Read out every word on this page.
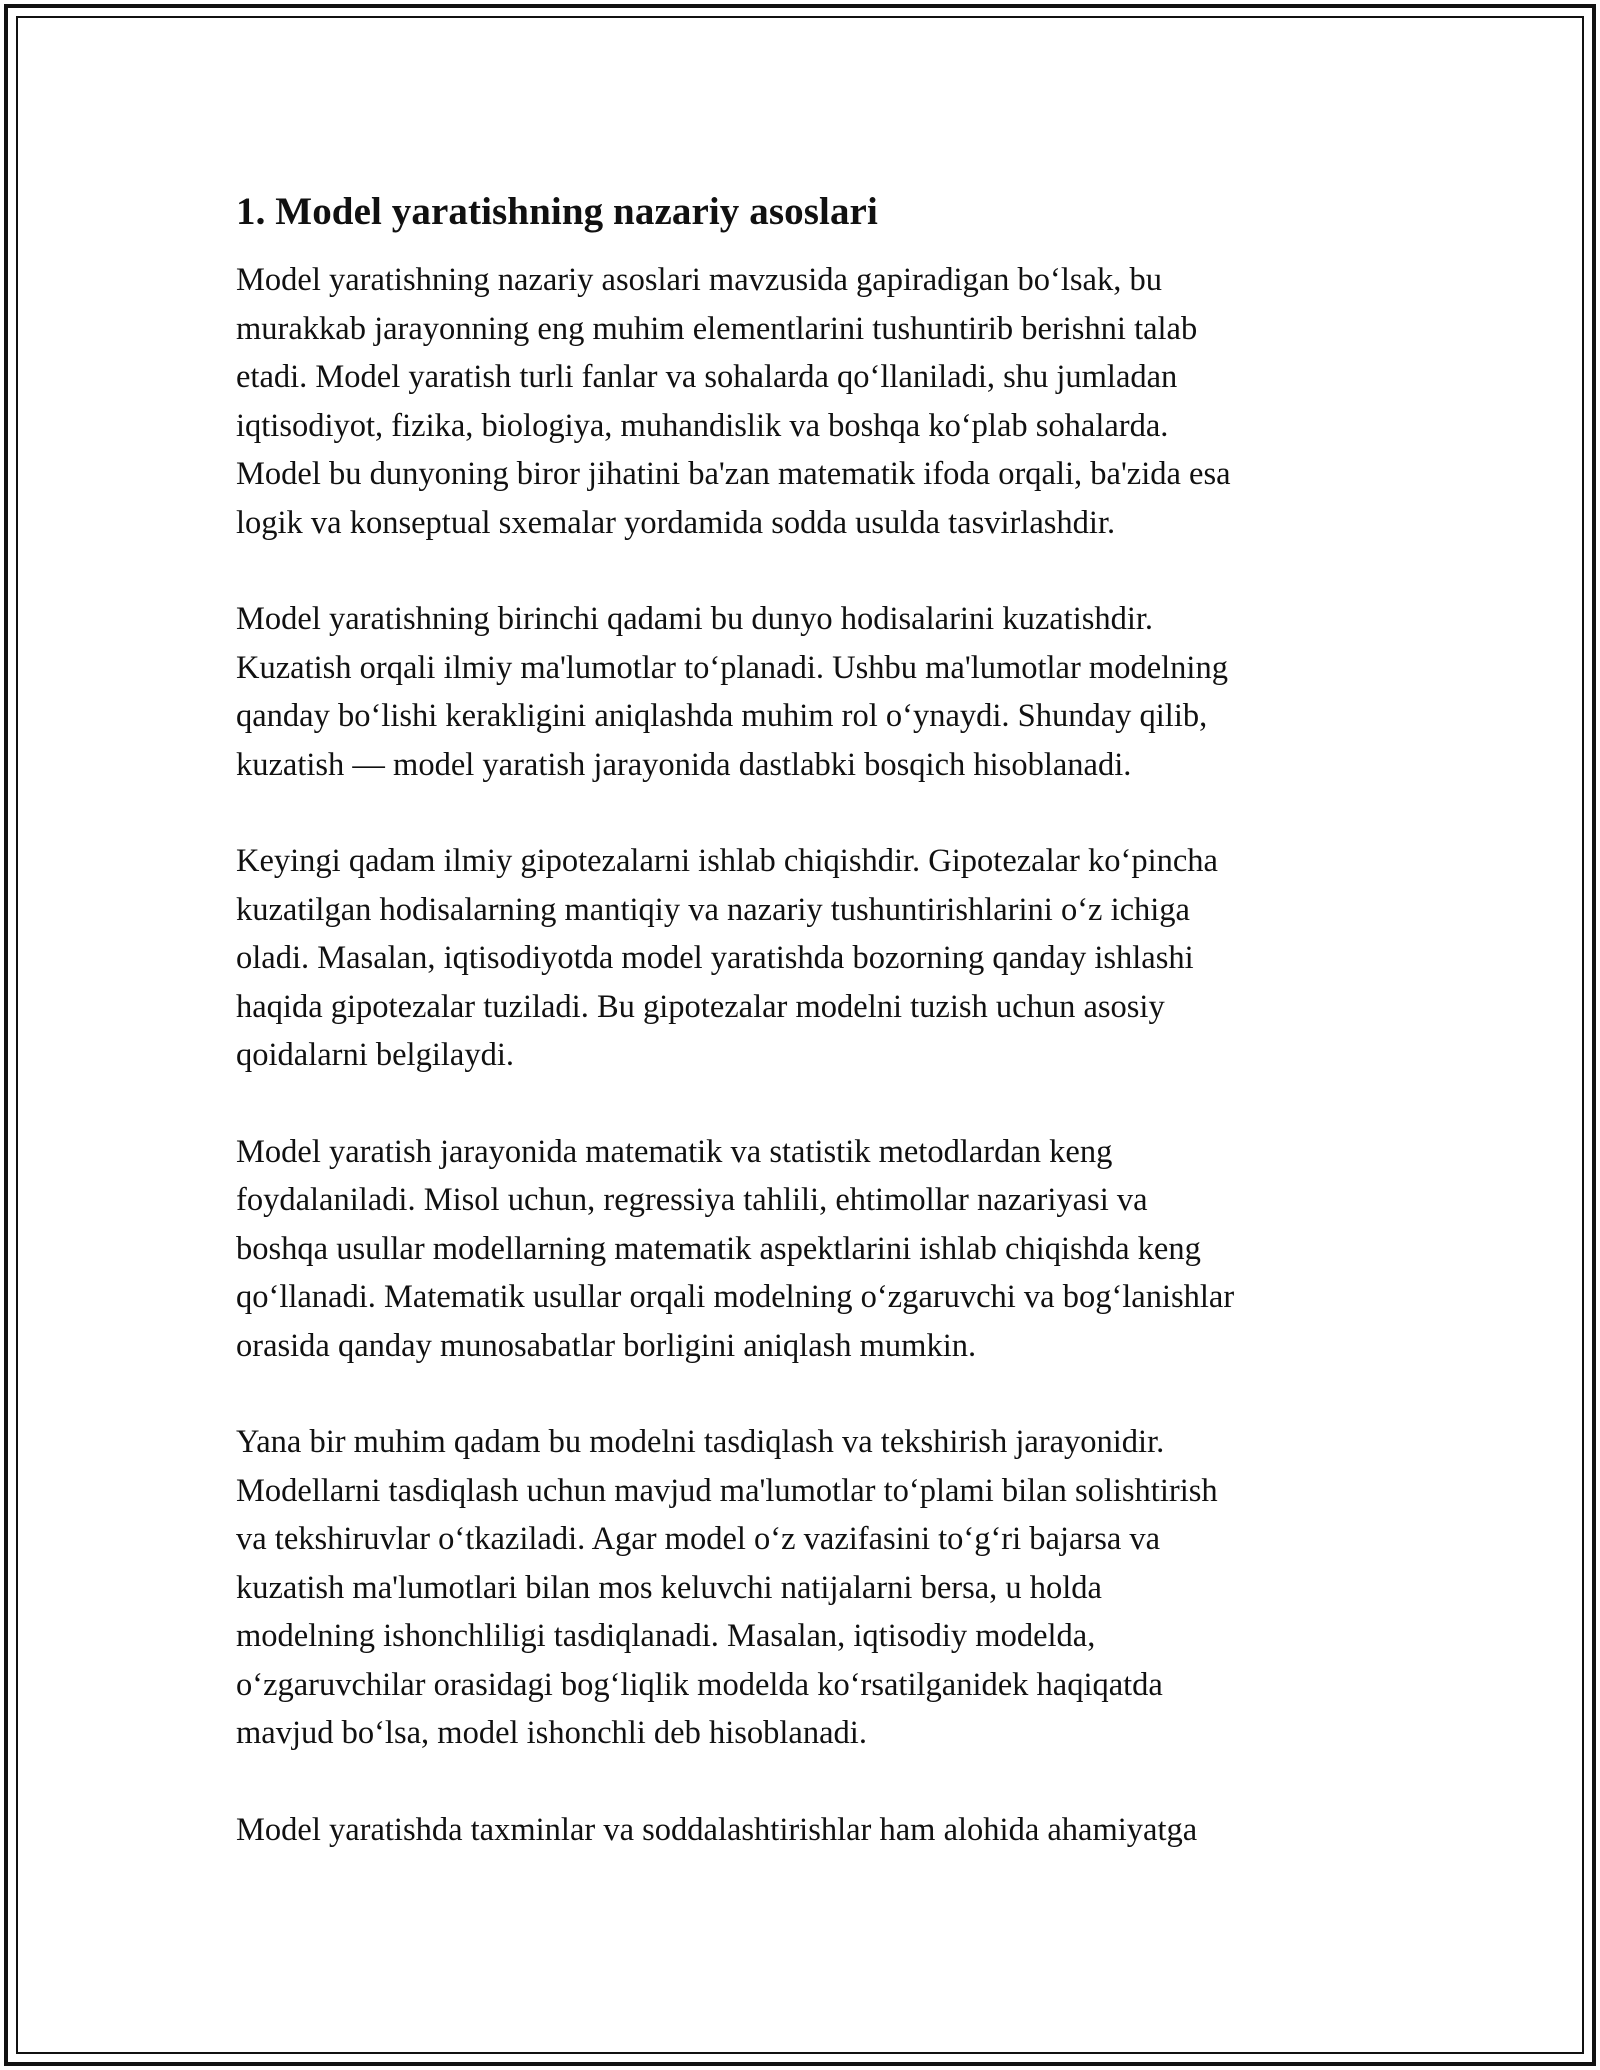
1. Model yaratishning nazariy asoslari

Model yaratishning nazariy asoslari mavzusida gapiradigan bo‘lsak, bu
murakkab jarayonning eng muhim elementlarini tushuntirib berishni talab
etadi. Model yaratish turli fanlar va sohalarda qo‘llaniladi, shu jumladan
iqtisodiyot, fizika, biologiya, muhandislik va boshqa ko‘plab sohalarda.
Model bu dunyoning biror jihatini ba'zan matematik ifoda orqali, ba'zida esa
logik va konseptual sxemalar yordamida sodda usulda tasvirlashdir.

Model yaratishning birinchi qadami bu dunyo hodisalarini kuzatishdir.
Kuzatish orqali ilmiy ma'lumotlar to‘planadi. Ushbu ma'lumotlar modelning
qanday bo‘lishi kerakligini aniqlashda muhim rol o‘ynaydi. Shunday qilib,
kuzatish — model yaratish jarayonida dastlabki bosqich hisoblanadi.

Keyingi qadam ilmiy gipotezalarni ishlab chiqishdir. Gipotezalar ko‘pincha
kuzatilgan hodisalarning mantiqiy va nazariy tushuntirishlarini o‘z ichiga
oladi. Masalan, iqtisodiyotda model yaratishda bozorning qanday ishlashi
haqida gipotezalar tuziladi. Bu gipotezalar modelni tuzish uchun asosiy
qoidalarni belgilaydi.

Model yaratish jarayonida matematik va statistik metodlardan keng
foydalaniladi. Misol uchun, regressiya tahlili, ehtimollar nazariyasi va
boshqa usullar modellarning matematik aspektlarini ishlab chiqishda keng
qo‘llanadi. Matematik usullar orqali modelning o‘zgaruvchi va bog‘lanishlar
orasida qanday munosabatlar borligini aniqlash mumkin.

Yana bir muhim qadam bu modelni tasdiqlash va tekshirish jarayonidir.
Modellarni tasdiqlash uchun mavjud ma'lumotlar to‘plami bilan solishtirish
va tekshiruvlar o‘tkaziladi. Agar model o‘z vazifasini to‘g‘ri bajarsa va
kuzatish ma'lumotlari bilan mos keluvchi natijalarni bersa, u holda
modelning ishonchliligi tasdiqlanadi. Masalan, iqtisodiy modelda,
o‘zgaruvchilar orasidagi bog‘liqlik modelda ko‘rsatilganidek haqiqatda
mavjud bo‘lsa, model ishonchli deb hisoblanadi.

Model yaratishda taxminlar va soddalashtirishlar ham alohida ahamiyatga
